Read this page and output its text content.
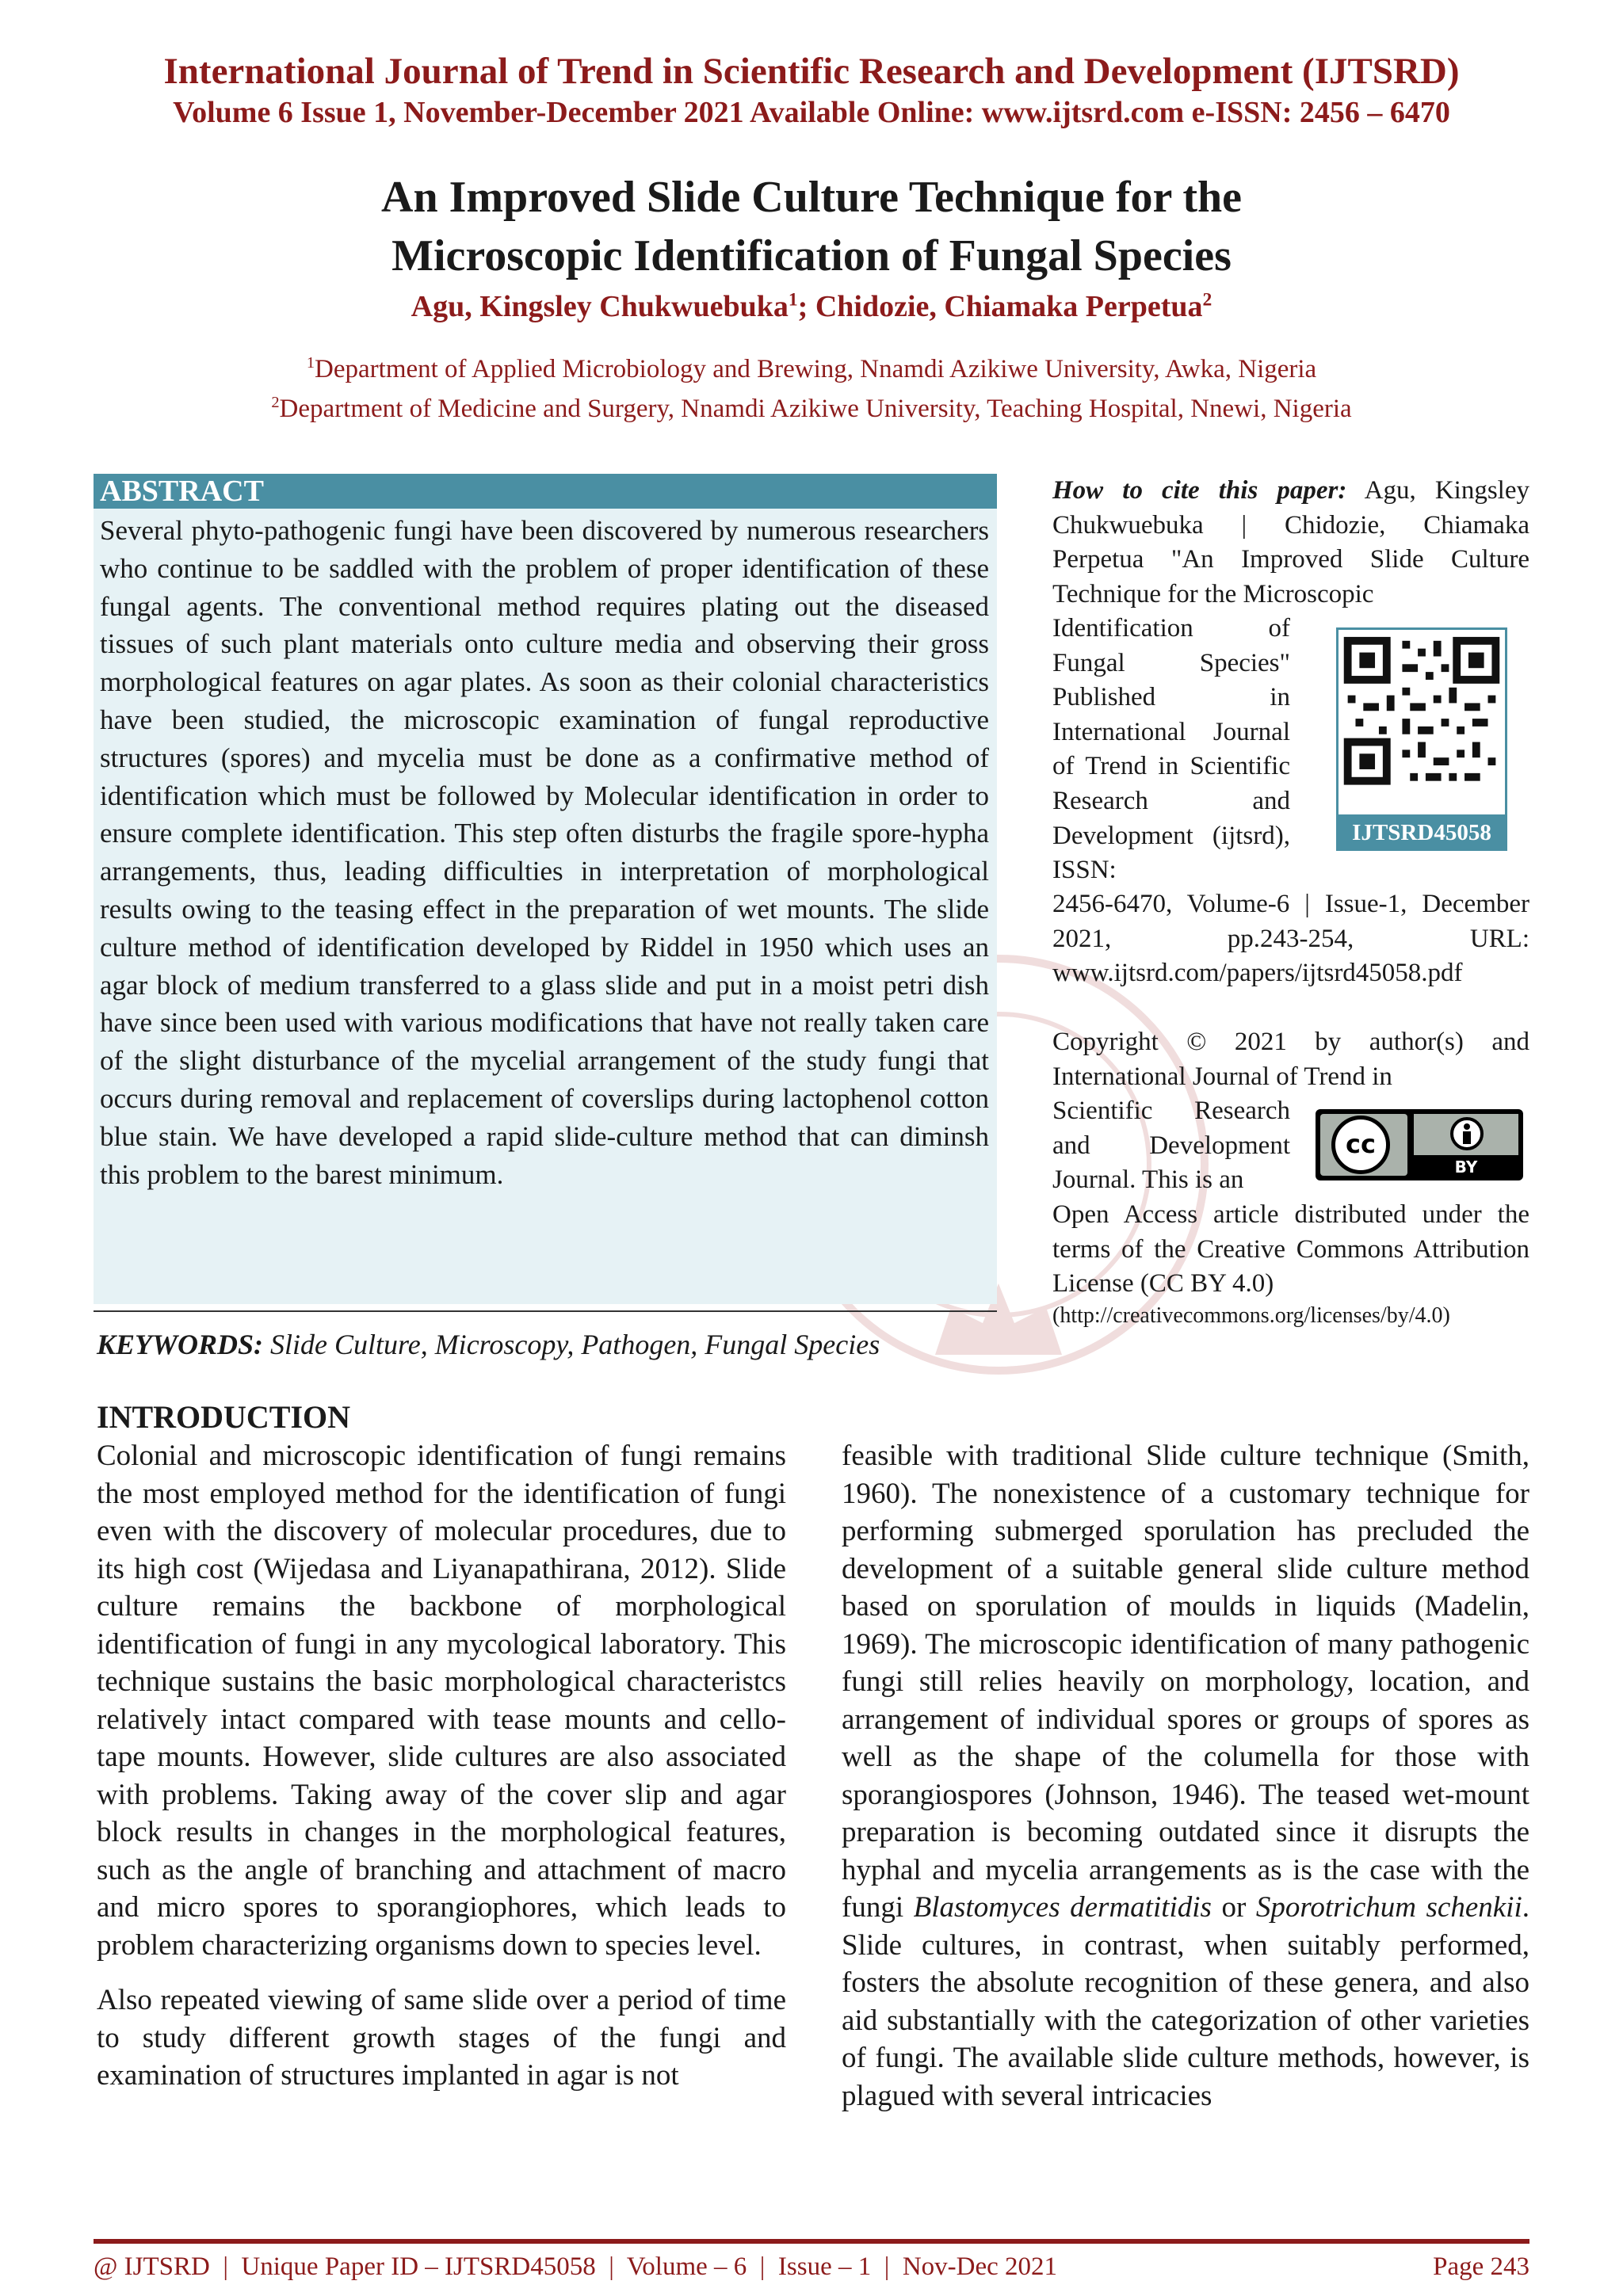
International Journal of Trend in Scientific Research and Development (IJTSRD)
Volume 6 Issue 1, November-December 2021 Available Online: www.ijtsrd.com e-ISSN: 2456 – 6470
An Improved Slide Culture Technique for the
Microscopic Identification of Fungal Species
Agu, Kingsley Chukwuebuka$^1$; Chidozie, Chiamaka Perpetua$^2$
$^1$Department of Applied Microbiology and Brewing, Nnamdi Azikiwe University, Awka, Nigeria
$^2$Department of Medicine and Surgery, Nnamdi Azikiwe University, Teaching Hospital, Nnewi, Nigeria
ABSTRACT

Several phyto-pathogenic fungi have been discovered by numerous researchers who continue to be saddled with the problem of proper identification of these fungal agents. The conventional method requires plating out the diseased tissues of such plant materials onto culture media and observing their gross morphological features on agar plates. As soon as their colonial characteristics have been studied, the microscopic examination of fungal reproductive structures (spores) and mycelia must be done as a confirmative method of identification which must be followed by Molecular identification in order to ensure complete identification. This step often disturbs the fragile spore-hypha arrangements, thus, leading difficulties in interpretation of morphological results owing to the teasing effect in the preparation of wet mounts. The slide culture method of identification developed by Riddel in 1950 which uses an agar block of medium transferred to a glass slide and put in a moist petri dish have since been used with various modifications that have not really taken care of the slight disturbance of the mycelial arrangement of the study fungi that occurs during removal and replacement of coverslips during lactophenol cotton blue stain. We have developed a rapid slide-culture method that can diminsh this problem to the barest minimum.

KEYWORDS: Slide Culture, Microscopy, Pathogen, Fungal Species
How to cite this paper: Agu, Kingsley Chukwuebuka | Chidozie, Chiamaka Perpetua "An Improved Slide Culture Technique for the Microscopic
Identification of Fungal Species" Published in International Journal of Trend in Scientific Research and Development (ijtsrd), ISSN:
2456-6470, Volume-6 | Issue-1, December 2021, pp.243-254, URL: www.ijtsrd.com/papers/ijtsrd45058.pdf
IJTSRD45058
Copyright © 2021 by author(s) and International Journal of Trend in
Scientific Research and Development Journal. This is an
cc
BY
Open Access article distributed under the terms of the Creative Commons Attribution License (CC BY 4.0)
(http://creativecommons.org/licenses/by/4.0)
INTRODUCTION

Colonial and microscopic identification of fungi remains the most employed method for the identification of fungi even with the discovery of molecular procedures, due to its high cost (Wijedasa and Liyanapathirana, 2012). Slide culture remains the backbone of morphological identification of fungi in any mycological laboratory. This technique sustains the basic morphological characteristcs relatively intact compared with tease mounts and cello-tape mounts. However, slide cultures are also associated with problems. Taking away of the cover slip and agar block results in changes in the morphological features, such as the angle of branching and attachment of macro and micro spores to sporangiophores, which leads to problem characterizing organisms down to species level.

Also repeated viewing of same slide over a period of time to study different growth stages of the fungi and examination of structures implanted in agar is not

feasible with traditional Slide culture technique (Smith, 1960). The nonexistence of a customary technique for performing submerged sporulation has precluded the development of a suitable general slide culture method based on sporulation of moulds in liquids (Madelin, 1969). The microscopic identification of many pathogenic fungi still relies heavily on morphology, location, and arrangement of individual spores or groups of spores as well as the shape of the columella for those with sporangiospores (Johnson, 1946). The teased wet-mount preparation is becoming outdated since it disrupts the hyphal and mycelia arrangements as is the case with the fungi Blastomyces dermatitidis or Sporotrichum schenkii. Slide cultures, in contrast, when suitably performed, fosters the absolute recognition of these genera, and also aid substantially with the categorization of other varieties of fungi. The available slide culture methods, however, is plagued with several intricacies

@ IJTSRD  |  Unique Paper ID – IJTSRD45058  |  Volume – 6  |  Issue – 1  |  Nov-Dec 2021	Page 243
